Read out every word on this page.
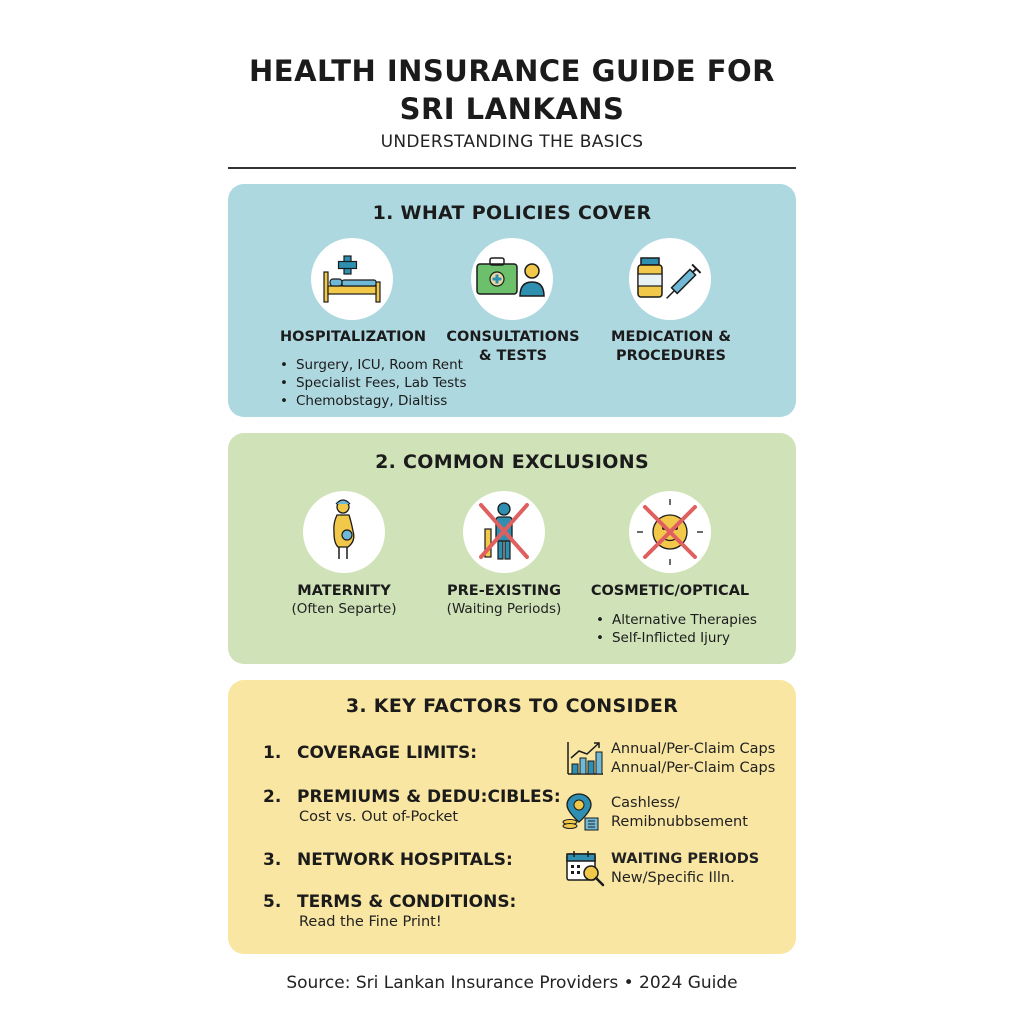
HEALTH INSURANCE GUIDE FOR
SRI LANKANS
UNDERSTANDING THE BASICS
1. WHAT POLICIES COVER
HOSPITALIZATION	CONSULTATIONS
& TESTS
MEDICATION &
PROCEDURES
• Surgery, ICU, Room Rent
• Specialist Fees, Lab Tests
• Chemobstagy, Dialtiss
2. COMMON EXCLUSIONS
MATERNITY
(Often Separte)
PRE-EXISTING
(Waiting Periods)
COSMETIC/OPTICAL
• Alternative Therapies
• Self-Inflicted Ijury
3. KEY FACTORS TO CONSIDER
1. COVERAGE LIMITS:
2. PREMIUMS & DEDU:CIBLES:
Cost vs. Out of-Pocket
3. NETWORK HOSPITALS:
5. TERMS & CONDITIONS:
Read the Fine Print!
Annual/Per-Claim Caps
Annual/Per-Claim Caps
Cashless/
Remibnubbsement
WAITING PERIODS
New/Specific Illn.
Source: Sri Lankan Insurance Providers • 2024 Guide
